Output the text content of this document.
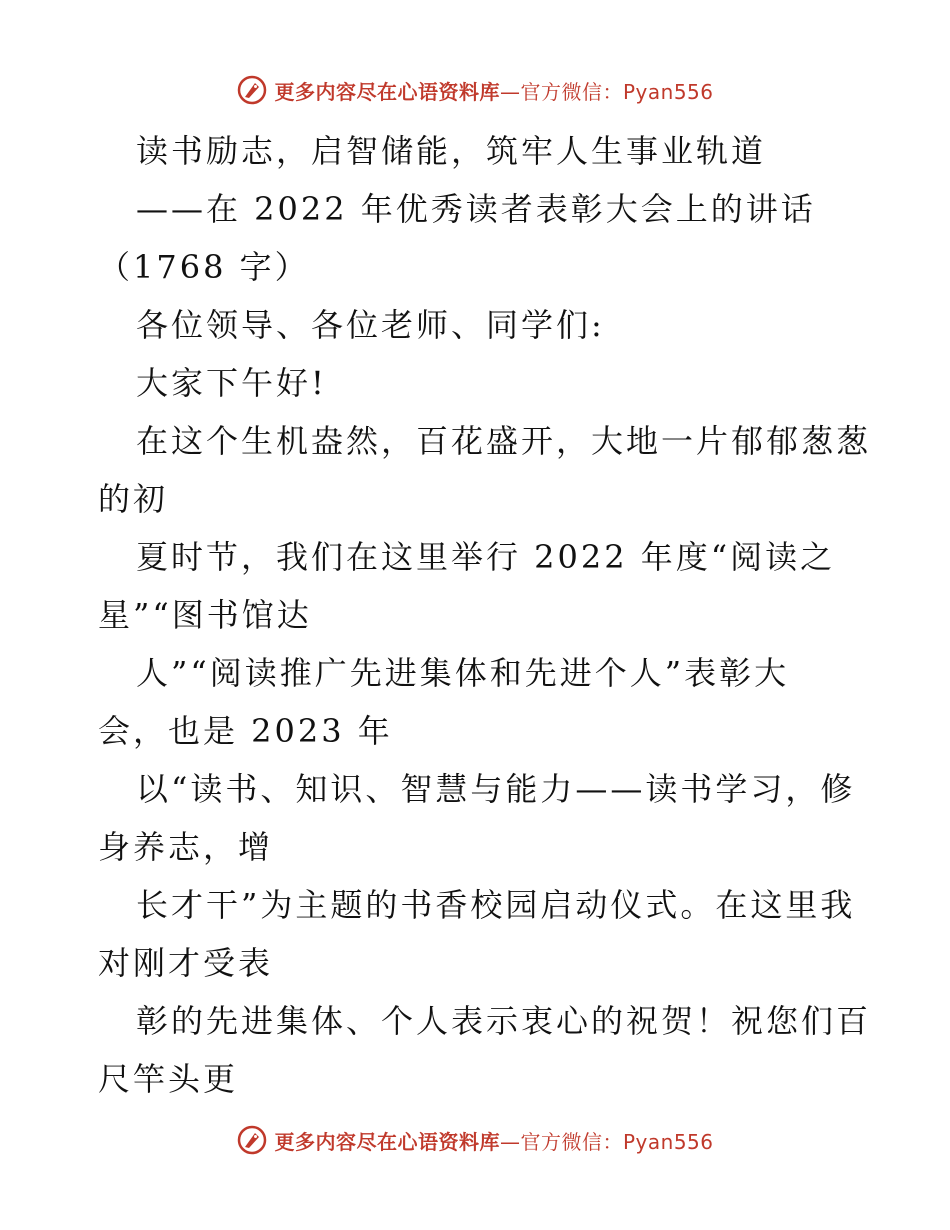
更多内容尽在心语资料库—官方微信：Pyan556
读书励志，启智储能，筑牢人生事业轨道
——在 2022 年优秀读者表彰大会上的讲话
（1768 字）
各位领导、各位老师、同学们:
大家下午好!
在这个生机盎然，百花盛开，大地一片郁郁葱葱
的初
夏时节，我们在这里举行 2022 年度“阅读之
星”“图书馆达
人”“阅读推广先进集体和先进个人”表彰大
会，也是 2023 年
以“读书、知识、智慧与能力——读书学习，修
身养志，增
长才干”为主题的书香校园启动仪式。在这里我
对刚才受表
彰的先进集体、个人表示衷心的祝贺！祝您们百
尺竿头更
更多内容尽在心语资料库—官方微信：Pyan556
